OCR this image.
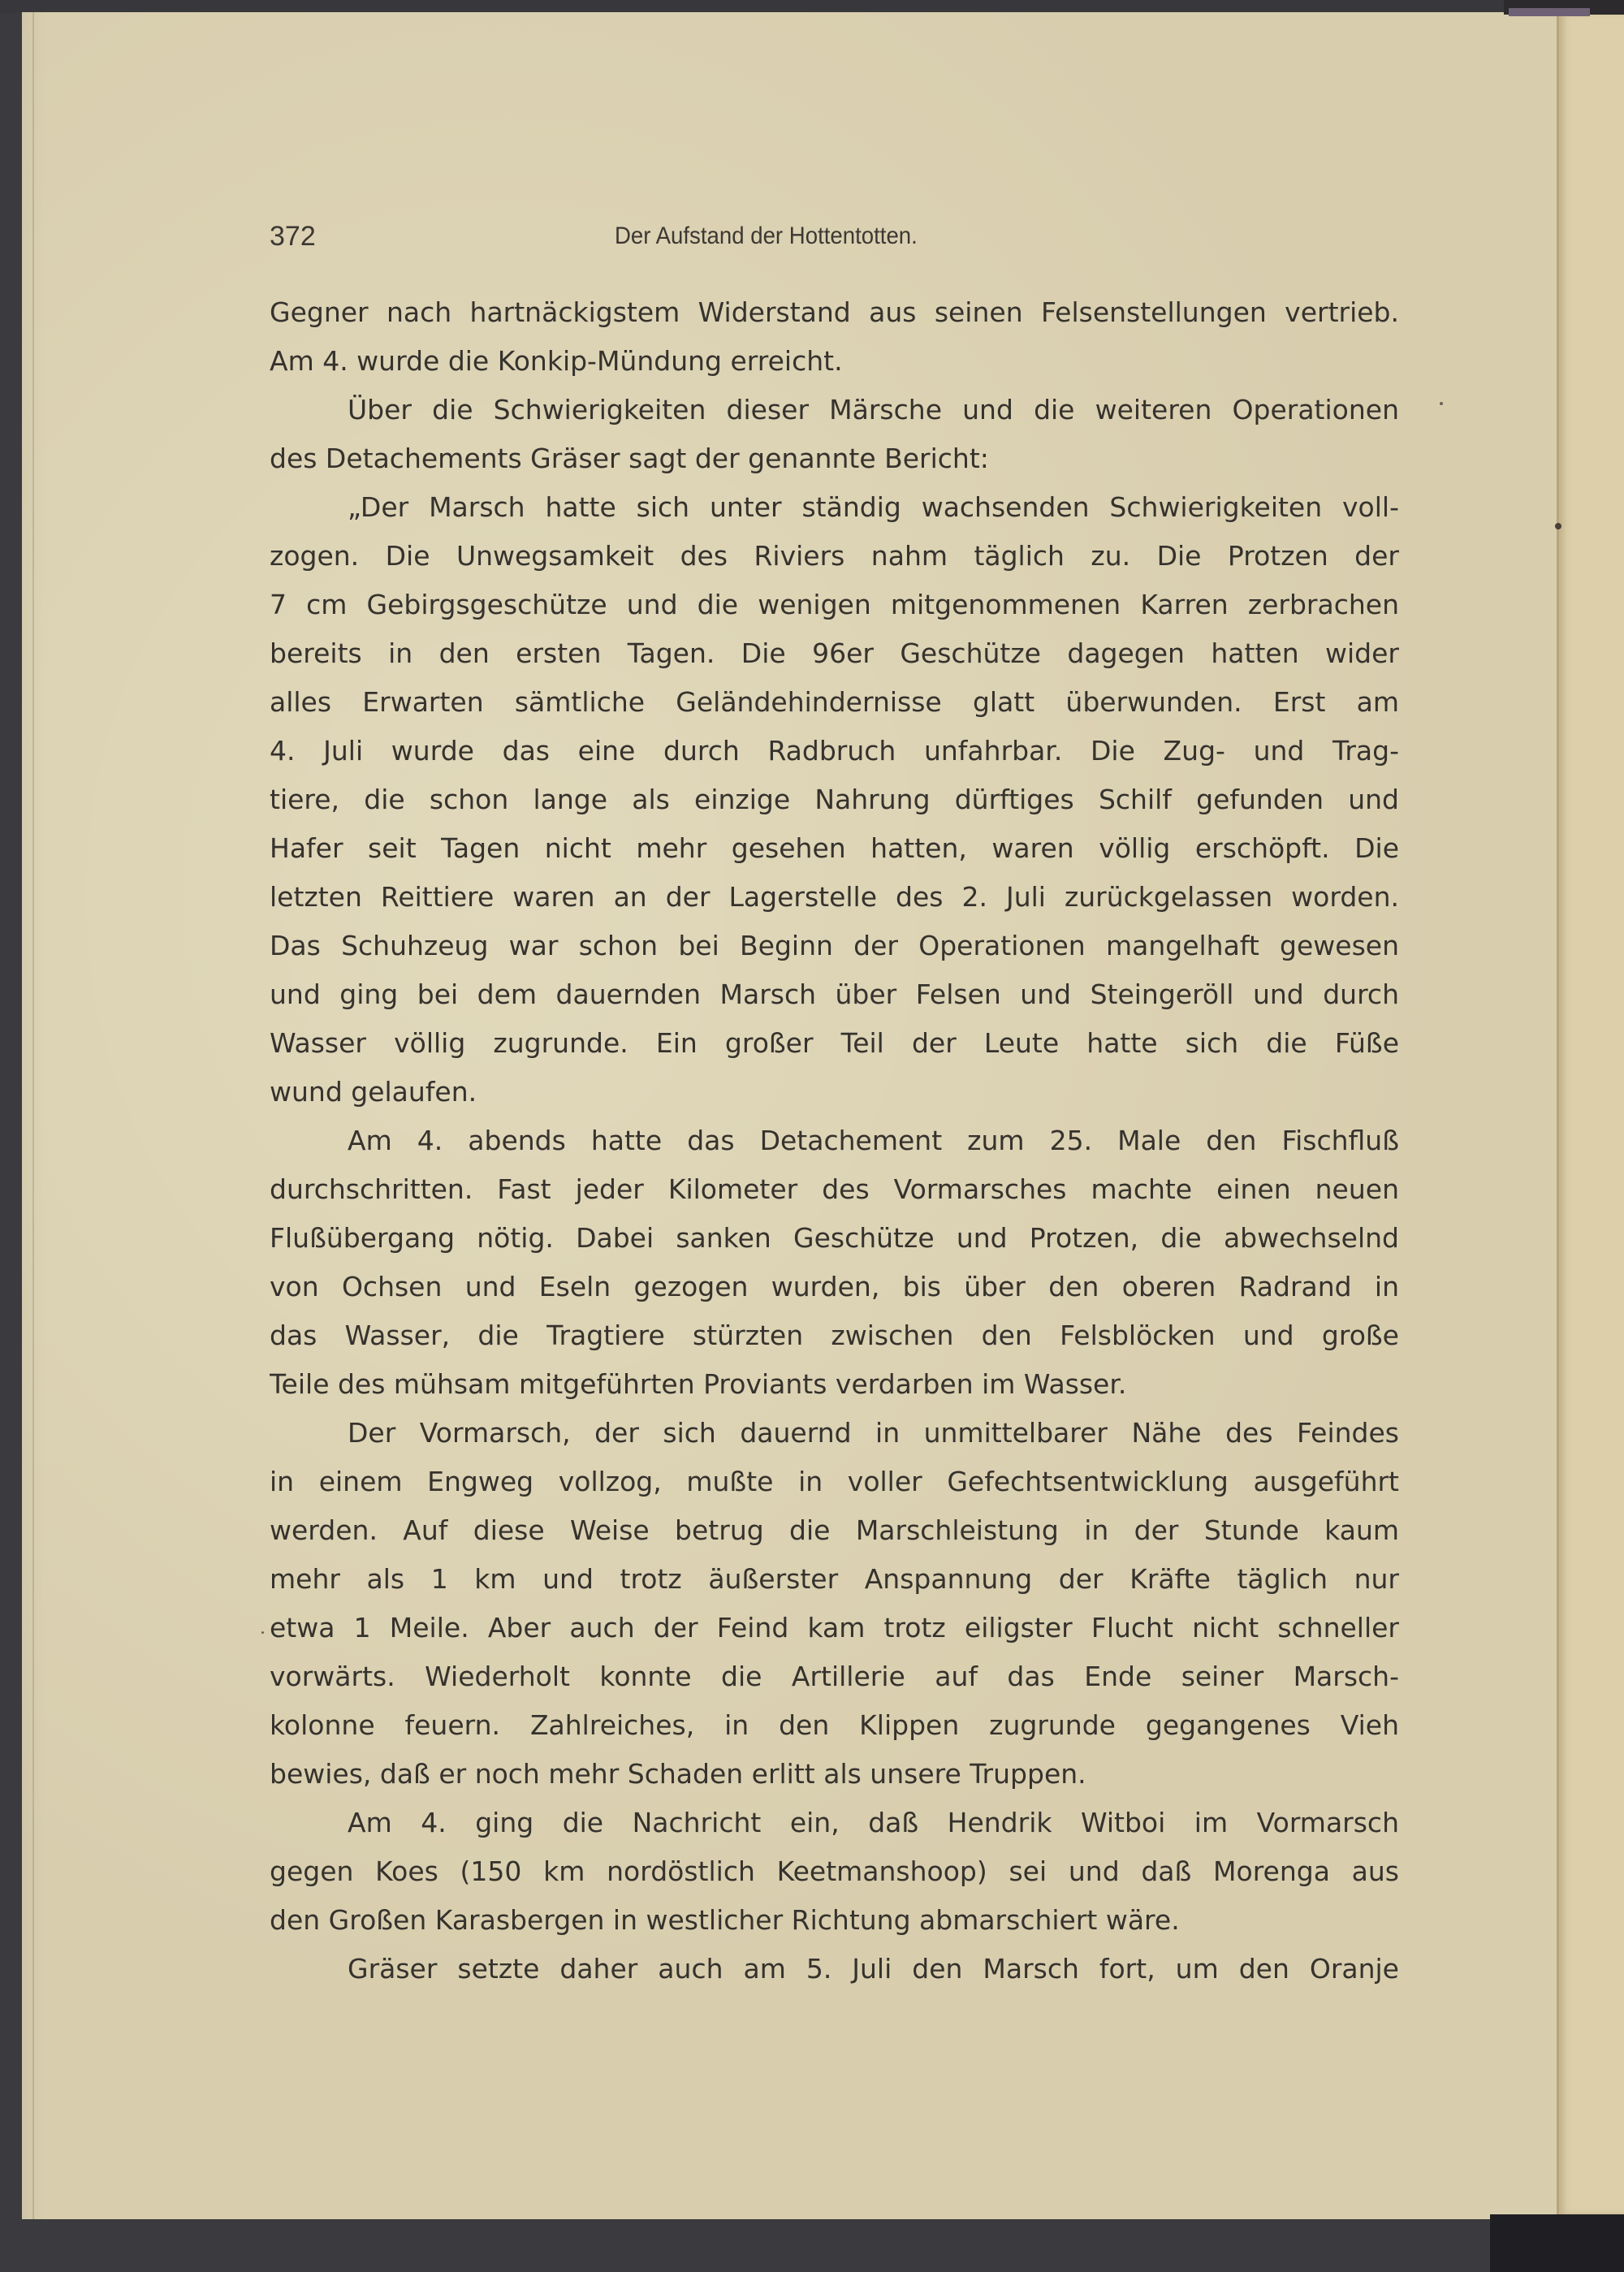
372	Der Aufstand der Hottentotten.
Gegner nach hartnäckigstem Widerstand aus seinen Felsenstellungen vertrieb.
Am 4. wurde die Konkip-Mündung erreicht.
Über die Schwierigkeiten dieser Märsche und die weiteren Operationen
des Detachements Gräser sagt der genannte Bericht:
„Der Marsch hatte sich unter ständig wachsenden Schwierigkeiten voll-
zogen. Die Unwegsamkeit des Riviers nahm täglich zu. Die Protzen der
7 cm Gebirgsgeschütze und die wenigen mitgenommenen Karren zerbrachen
bereits in den ersten Tagen. Die 96er Geschütze dagegen hatten wider
alles Erwarten sämtliche Geländehindernisse glatt überwunden. Erst am
4. Juli wurde das eine durch Radbruch unfahrbar. Die Zug- und Trag-
tiere, die schon lange als einzige Nahrung dürftiges Schilf gefunden und
Hafer seit Tagen nicht mehr gesehen hatten, waren völlig erschöpft. Die
letzten Reittiere waren an der Lagerstelle des 2. Juli zurückgelassen worden.
Das Schuhzeug war schon bei Beginn der Operationen mangelhaft gewesen
und ging bei dem dauernden Marsch über Felsen und Steingeröll und durch
Wasser völlig zugrunde. Ein großer Teil der Leute hatte sich die Füße
wund gelaufen.
Am 4. abends hatte das Detachement zum 25. Male den Fischfluß
durchschritten. Fast jeder Kilometer des Vormarsches machte einen neuen
Flußübergang nötig. Dabei sanken Geschütze und Protzen, die abwechselnd
von Ochsen und Eseln gezogen wurden, bis über den oberen Radrand in
das Wasser, die Tragtiere stürzten zwischen den Felsblöcken und große
Teile des mühsam mitgeführten Proviants verdarben im Wasser.
Der Vormarsch, der sich dauernd in unmittelbarer Nähe des Feindes
in einem Engweg vollzog, mußte in voller Gefechtsentwicklung ausgeführt
werden. Auf diese Weise betrug die Marschleistung in der Stunde kaum
mehr als 1 km und trotz äußerster Anspannung der Kräfte täglich nur
etwa 1 Meile. Aber auch der Feind kam trotz eiligster Flucht nicht schneller
vorwärts. Wiederholt konnte die Artillerie auf das Ende seiner Marsch-
kolonne feuern. Zahlreiches, in den Klippen zugrunde gegangenes Vieh
bewies, daß er noch mehr Schaden erlitt als unsere Truppen.
Am 4. ging die Nachricht ein, daß Hendrik Witboi im Vormarsch
gegen Koes (150 km nordöstlich Keetmanshoop) sei und daß Morenga aus
den Großen Karasbergen in westlicher Richtung abmarschiert wäre.
Gräser setzte daher auch am 5. Juli den Marsch fort, um den Oranje
